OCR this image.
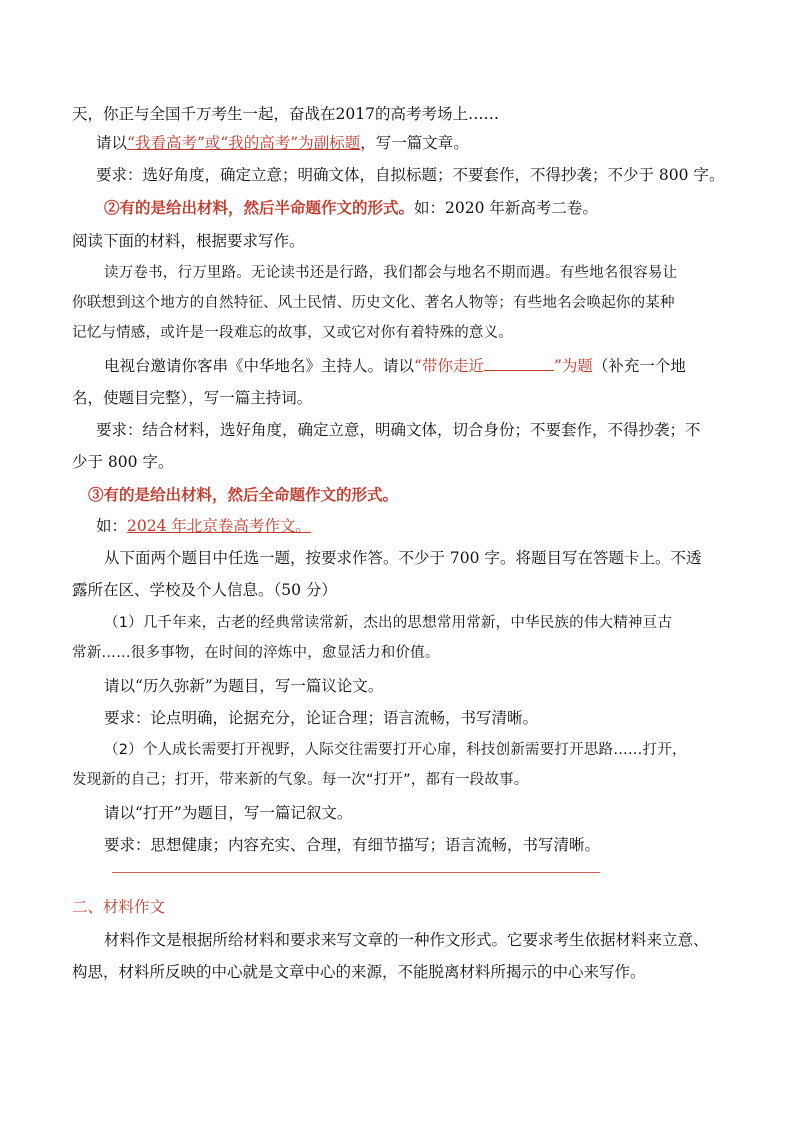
天，你正与全国千万考生一起，奋战在2017的高考考场上……
请以“我看高考”或“我的高考”为副标题，写一篇文章。
要求：选好角度，确定立意；明确文体，自拟标题；不要套作，不得抄袭；不少于 800 字。
②有的是给出材料，然后半命题作文的形式。如：2020 年新高考二卷。
阅读下面的材料，根据要求写作。
读万卷书，行万里路。无论读书还是行路，我们都会与地名不期而遇。有些地名很容易让
你联想到这个地方的自然特征、风土民情、历史文化、著名人物等；有些地名会唤起你的某种
记忆与情感，或许是一段难忘的故事，又或它对你有着特殊的意义。
电视台邀请你客串《中华地名》主持人。请以“带你走近	”为题（补充一个地
名，使题目完整），写一篇主持词。
要求：结合材料，选好角度，确定立意，明确文体，切合身份；不要套作，不得抄袭；不
少于 800 字。
③有的是给出材料，然后全命题作文的形式。
如：2024 年北京卷高考作文。
从下面两个题目中任选一题，按要求作答。不少于 700 字。将题目写在答题卡上。不透
露所在区、学校及个人信息。（50 分）
（1）几千年来，古老的经典常读常新，杰出的思想常用常新，中华民族的伟大精神亘古
常新……很多事物，在时间的淬炼中，愈显活力和价值。
请以“历久弥新”为题目，写一篇议论文。
要求：论点明确，论据充分，论证合理；语言流畅，书写清晰。
（2）个人成长需要打开视野，人际交往需要打开心扉，科技创新需要打开思路……打开，
发现新的自己；打开，带来新的气象。每一次“打开”，都有一段故事。
请以“打开”为题目，写一篇记叙文。
要求：思想健康；内容充实、合理，有细节描写；语言流畅，书写清晰。
二、材料作文
材料作文是根据所给材料和要求来写文章的一种作文形式。它要求考生依据材料来立意、
构思，材料所反映的中心就是文章中心的来源，不能脱离材料所揭示的中心来写作。
